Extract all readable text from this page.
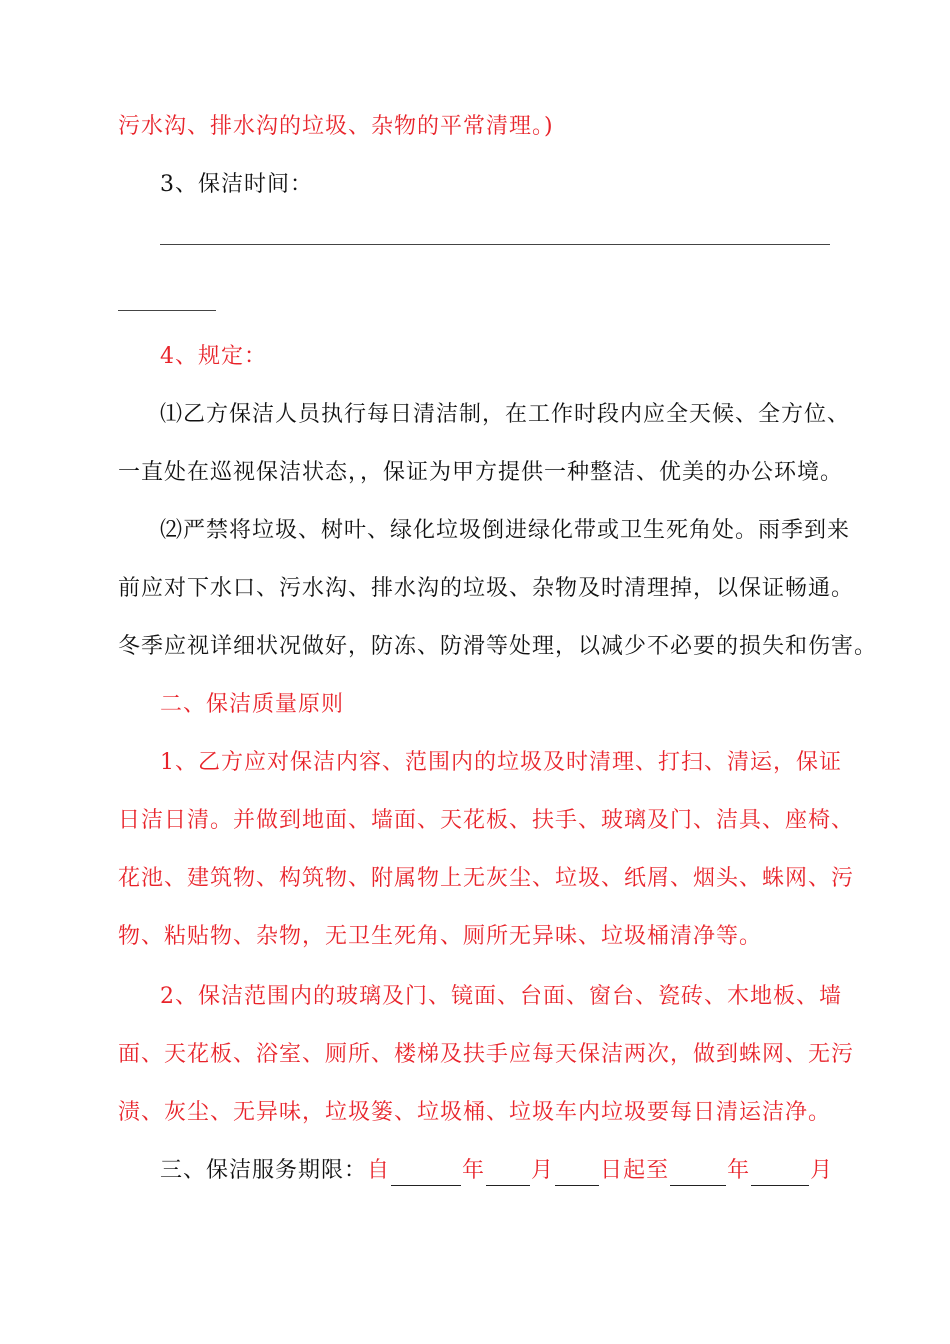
污水沟、排水沟的垃圾、杂物的平常清理。)
3、保洁时间：
4、规定：
⑴乙方保洁人员执行每日清洁制，在工作时段内应全天候、全方位、
一直处在巡视保洁状态，，保证为甲方提供一种整洁、优美的办公环境。
⑵严禁将垃圾、树叶、绿化垃圾倒进绿化带或卫生死角处。雨季到来
前应对下水口、污水沟、排水沟的垃圾、杂物及时清理掉，以保证畅通。
冬季应视详细状况做好，防冻、防滑等处理，以减少不必要的损失和伤害。
二、保洁质量原则
1、乙方应对保洁内容、范围内的垃圾及时清理、打扫、清运，保证
日洁日清。并做到地面、墙面、天花板、扶手、玻璃及门、洁具、座椅、
花池、建筑物、构筑物、附属物上无灰尘、垃圾、纸屑、烟头、蛛网、污
物、粘贴物、杂物，无卫生死角、厕所无异味、垃圾桶清净等。
2、保洁范围内的玻璃及门、镜面、台面、窗台、瓷砖、木地板、墙
面、天花板、浴室、厕所、楼梯及扶手应每天保洁两次，做到蛛网、无污
渍、灰尘、无异味，垃圾篓、垃圾桶、垃圾车内垃圾要每日清运洁净。
三、保洁服务期限：自	年 月 日起至	年	月
